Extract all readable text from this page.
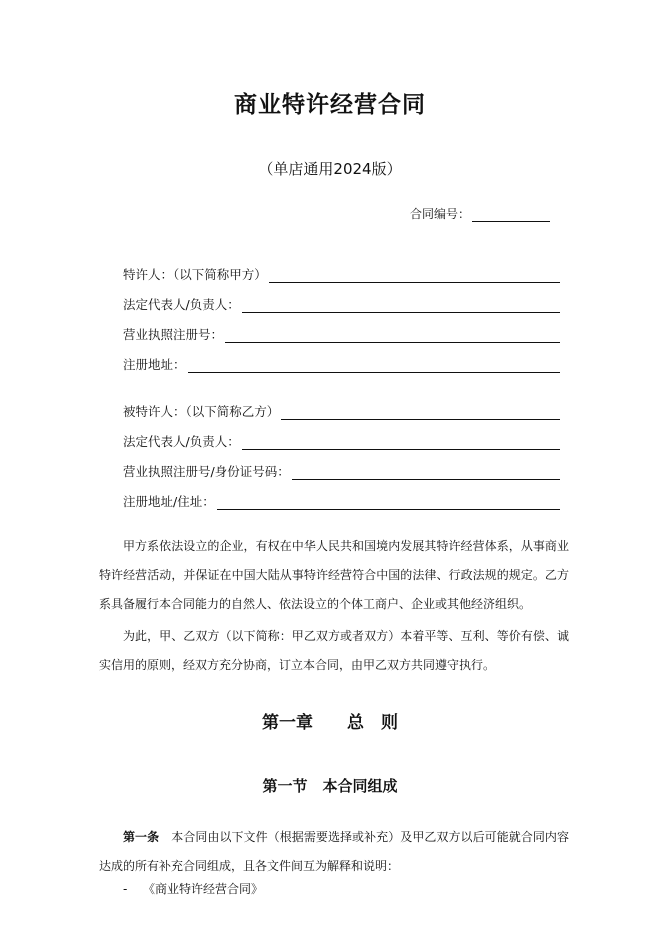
商业特许经营合同
（单店通用2024版）
合同编号：
特许人：（以下简称甲方）
法定代表人/负责人：
营业执照注册号：
注册地址：
被特许人：（以下简称乙方）
法定代表人/负责人：
营业执照注册号/身份证号码：
注册地址/住址：

甲方系依法设立的企业，有权在中华人民共和国境内发展其特许经营体系，从事商业特许经营活动，并保证在中国大陆从事特许经营符合中国的法律、行政法规的规定。乙方系具备履行本合同能力的自然人、依法设立的个体工商户、企业或其他经济组织。

为此，甲、乙双方（以下简称：甲乙双方或者双方）本着平等、互利、等价有偿、诚实信用的原则，经双方充分协商，订立本合同，由甲乙双方共同遵守执行。

第一章　　总　则
第一节　本合同组成

第一条　本合同由以下文件（根据需要选择或补充）及甲乙双方以后可能就合同内容达成的所有补充合同组成，且各文件间互为解释和说明：

- 《商业特许经营合同》
